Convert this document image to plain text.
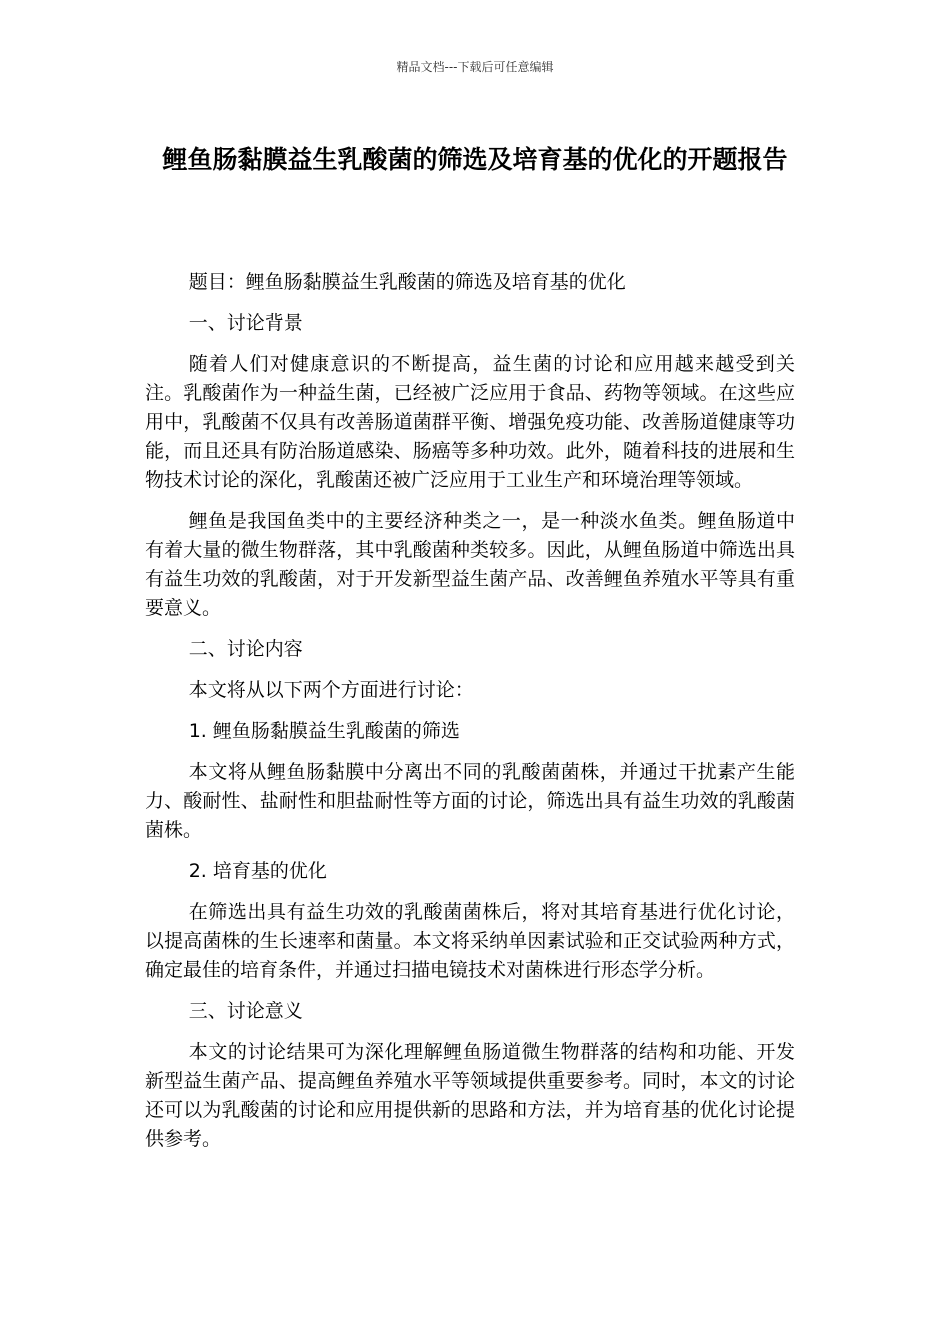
精品文档---下载后可任意编辑
鲤鱼肠黏膜益生乳酸菌的筛选及培育基的优化的开题报告

题目：鲤鱼肠黏膜益生乳酸菌的筛选及培育基的优化

一、讨论背景

随着人们对健康意识的不断提高，益生菌的讨论和应用越来越受到关注。乳酸菌作为一种益生菌，已经被广泛应用于食品、药物等领域。在这些应用中，乳酸菌不仅具有改善肠道菌群平衡、增强免疫功能、改善肠道健康等功能，而且还具有防治肠道感染、肠癌等多种功效。此外，随着科技的进展和生物技术讨论的深化，乳酸菌还被广泛应用于工业生产和环境治理等领域。

鲤鱼是我国鱼类中的主要经济种类之一，是一种淡水鱼类。鲤鱼肠道中有着大量的微生物群落，其中乳酸菌种类较多。因此，从鲤鱼肠道中筛选出具有益生功效的乳酸菌，对于开发新型益生菌产品、改善鲤鱼养殖水平等具有重要意义。

二、讨论内容

本文将从以下两个方面进行讨论：

1. 鲤鱼肠黏膜益生乳酸菌的筛选

本文将从鲤鱼肠黏膜中分离出不同的乳酸菌菌株，并通过干扰素产生能力、酸耐性、盐耐性和胆盐耐性等方面的讨论，筛选出具有益生功效的乳酸菌菌株。

2. 培育基的优化

在筛选出具有益生功效的乳酸菌菌株后，将对其培育基进行优化讨论，以提高菌株的生长速率和菌量。本文将采纳单因素试验和正交试验两种方式，确定最佳的培育条件，并通过扫描电镜技术对菌株进行形态学分析。

三、讨论意义

本文的讨论结果可为深化理解鲤鱼肠道微生物群落的结构和功能、开发新型益生菌产品、提高鲤鱼养殖水平等领域提供重要参考。同时，本文的讨论还可以为乳酸菌的讨论和应用提供新的思路和方法，并为培育基的优化讨论提供参考。
